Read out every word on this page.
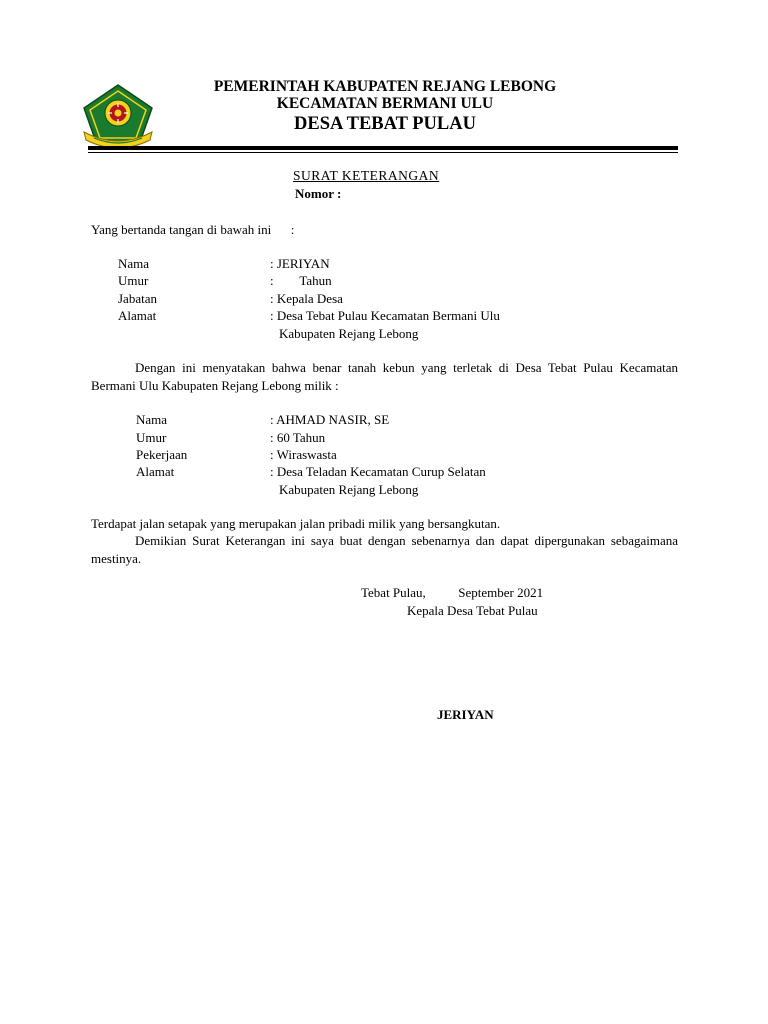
PEMERINTAH KABUPATEN REJANG LEBONG
KECAMATAN BERMANI ULU
DESA TEBAT PULAU
SURAT KETERANGAN
Nomor :
Yang bertanda tangan di bawah ini      :
Nama	: JERIYAN
Umur	:        Tahun
Jabatan	: Kepala Desa
Alamat	: Desa Tebat Pulau Kecamatan Bermani Ulu
Kabupaten Rejang Lebong
Dengan ini menyatakan bahwa benar tanah kebun yang terletak di Desa Tebat Pulau Kecamatan Bermani Ulu Kabupaten Rejang Lebong milik :
Nama	: AHMAD NASIR, SE
Umur	: 60 Tahun
Pekerjaan	: Wiraswasta
Alamat	: Desa Teladan Kecamatan Curup Selatan
Kabupaten Rejang Lebong
Terdapat jalan setapak yang merupakan jalan pribadi milik yang bersangkutan.
Demikian Surat Keterangan ini saya buat dengan sebenarnya dan dapat dipergunakan sebagaimana mestinya.
Tebat Pulau,          September 2021
Kepala Desa Tebat Pulau
JERIYAN
